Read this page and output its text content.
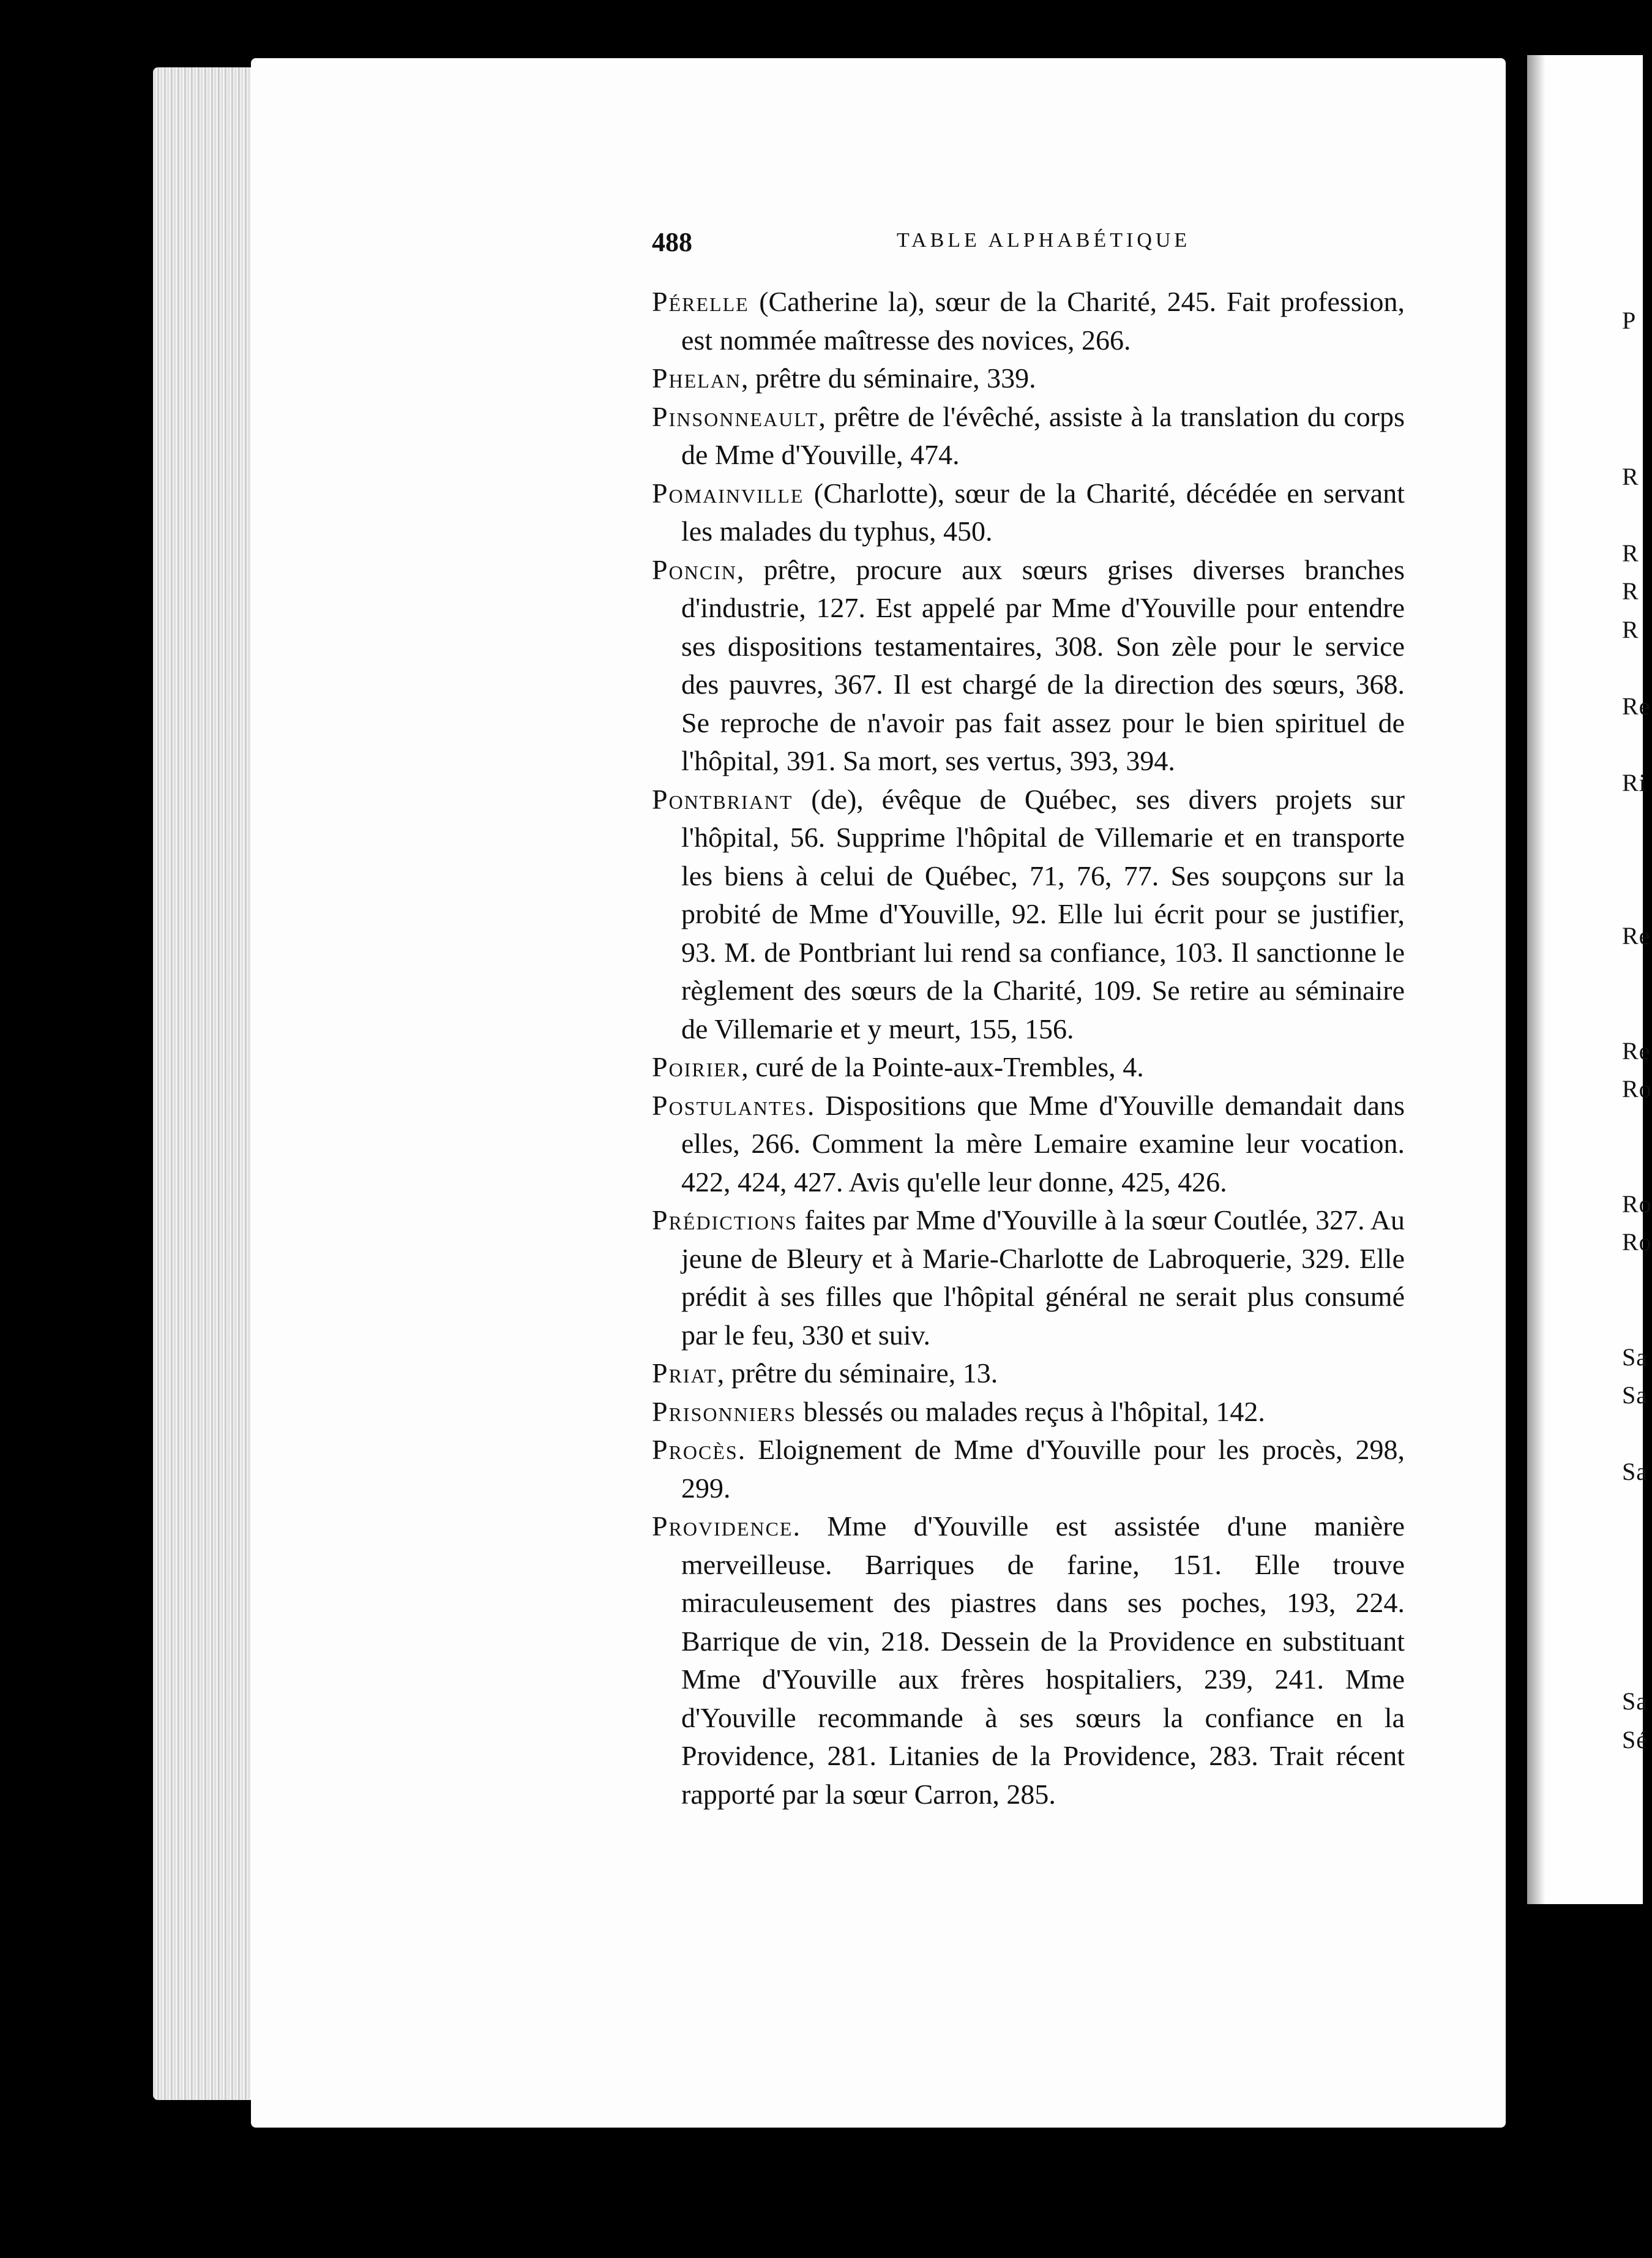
P
R
R
R
R
Re
Ri
Re
Re
Ro
Ro
Ro
Sa
Sa
Sa
Sa
Sé
488	TABLE ALPHABÉTIQUE

Pérelle (Catherine la), sœur de la Charité, 245. Fait profession, est nommée maîtresse des novices, 266.

Phelan, prêtre du séminaire, 339.

Pinsonneault, prêtre de l'évêché, assiste à la translation du corps de Mme d'Youville, 474.

Pomainville (Charlotte), sœur de la Charité, décédée en servant les malades du typhus, 450.

Poncin, prêtre, procure aux sœurs grises diverses branches d'industrie, 127. Est appelé par Mme d'Youville pour entendre ses dispositions testamentaires, 308. Son zèle pour le service des pauvres, 367. Il est chargé de la direction des sœurs, 368. Se reproche de n'avoir pas fait assez pour le bien spirituel de l'hôpital, 391. Sa mort, ses vertus, 393, 394.

Pontbriant (de), évêque de Québec, ses divers projets sur l'hôpital, 56. Supprime l'hôpital de Villemarie et en transporte les biens à celui de Québec, 71, 76, 77. Ses soupçons sur la probité de Mme d'Youville, 92. Elle lui écrit pour se justifier, 93. M. de Pontbriant lui rend sa confiance, 103. Il sanctionne le règlement des sœurs de la Charité, 109. Se retire au séminaire de Villemarie et y meurt, 155, 156.

Poirier, curé de la Pointe-aux-Trembles, 4.

Postulantes. Dispositions que Mme d'Youville demandait dans elles, 266. Comment la mère Lemaire examine leur vocation. 422, 424, 427. Avis qu'elle leur donne, 425, 426.

Prédictions faites par Mme d'Youville à la sœur Coutlée, 327. Au jeune de Bleury et à Marie-Charlotte de Labroquerie, 329. Elle prédit à ses filles que l'hôpital général ne serait plus consumé par le feu, 330 et suiv.

Priat, prêtre du séminaire, 13.

Prisonniers blessés ou malades reçus à l'hôpital, 142.

Procès. Eloignement de Mme d'Youville pour les procès, 298, 299.

Providence. Mme d'Youville est assistée d'une manière merveilleuse. Barriques de farine, 151. Elle trouve miraculeusement des piastres dans ses poches, 193, 224. Barrique de vin, 218. Dessein de la Providence en substituant Mme d'Youville aux frères hospitaliers, 239, 241. Mme d'Youville recommande à ses sœurs la confiance en la Providence, 281. Litanies de la Providence, 283. Trait récent rapporté par la sœur Carron, 285.
